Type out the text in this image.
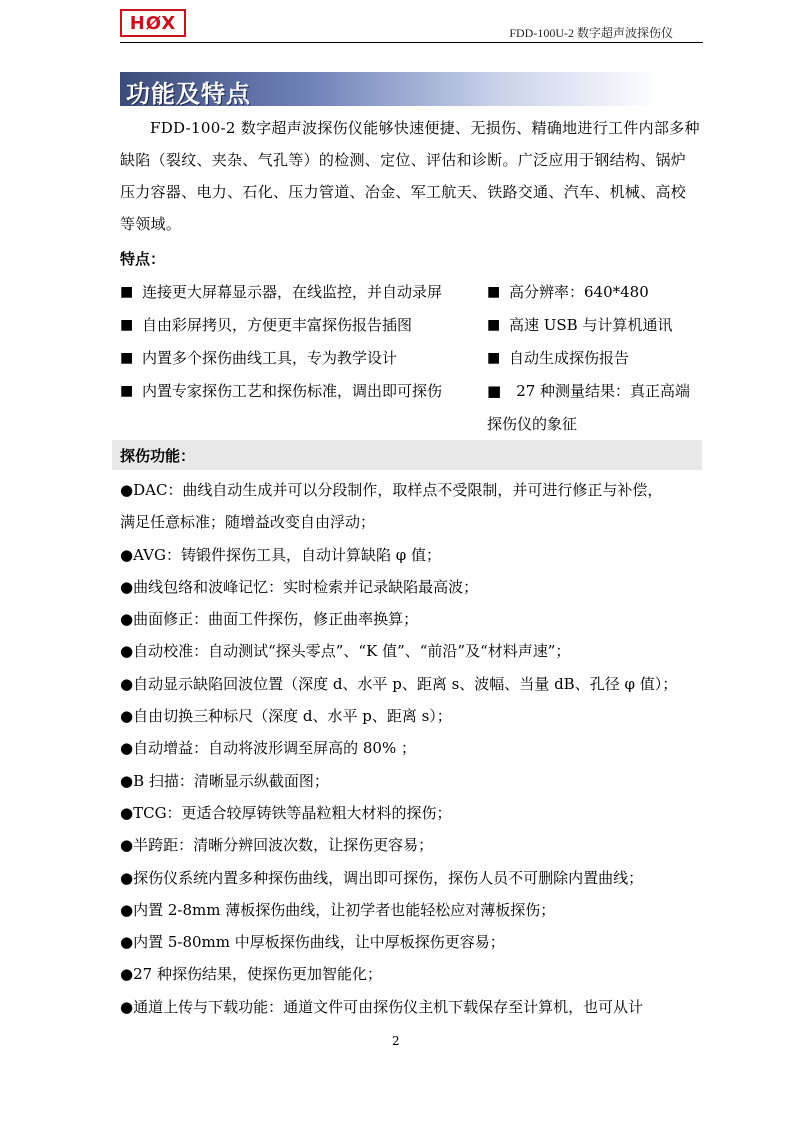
HØX	FDD-100U-2 数字超声波探伤仪
功能及特点
FDD-100-2 数字超声波探伤仪能够快速便捷、无损伤、精确地进行工件内部多种缺陷（裂纹、夹杂、气孔等）的检测、定位、评估和诊断。广泛应用于钢结构、锅炉压力容器、电力、石化、压力管道、冶金、军工航天、铁路交通、汽车、机械、高校等领域。
特点：
■ 连接更大屏幕显示器，在线监控，并自动录屏
■ 自由彩屏拷贝，方便更丰富探伤报告插图
■ 内置多个探伤曲线工具，专为教学设计
■ 内置专家探伤工艺和探伤标准，调出即可探伤
■ 高分辨率：640*480
■ 高速 USB 与计算机通讯
■ 自动生成探伤报告
■  27 种测量结果：真正高端探伤仪的象征
探伤功能：
●DAC：曲线自动生成并可以分段制作，取样点不受限制，并可进行修正与补偿，
满足任意标准；随增益改变自由浮动；
●AVG：铸锻件探伤工具，自动计算缺陷 φ 值；
●曲线包络和波峰记忆：实时检索并记录缺陷最高波；
●曲面修正：曲面工件探伤，修正曲率换算；
●自动校准：自动测试“探头零点”、“K 值”、“前沿”及“材料声速”；
●自动显示缺陷回波位置（深度 d、水平 p、距离 s、波幅、当量 dB、孔径 φ 值）；
●自由切换三种标尺（深度 d、水平 p、距离 s）；
●自动增益：自动将波形调至屏高的 80% ；
●B 扫描：清晰显示纵截面图；
●TCG：更适合较厚铸铁等晶粒粗大材料的探伤；
●半跨距：清晰分辨回波次数，让探伤更容易；
●探伤仪系统内置多种探伤曲线，调出即可探伤，探伤人员不可删除内置曲线；
●内置 2-8mm 薄板探伤曲线，让初学者也能轻松应对薄板探伤；
●内置 5-80mm 中厚板探伤曲线，让中厚板探伤更容易；
●27 种探伤结果，使探伤更加智能化；
●通道上传与下载功能：通道文件可由探伤仪主机下载保存至计算机，也可从计
2
